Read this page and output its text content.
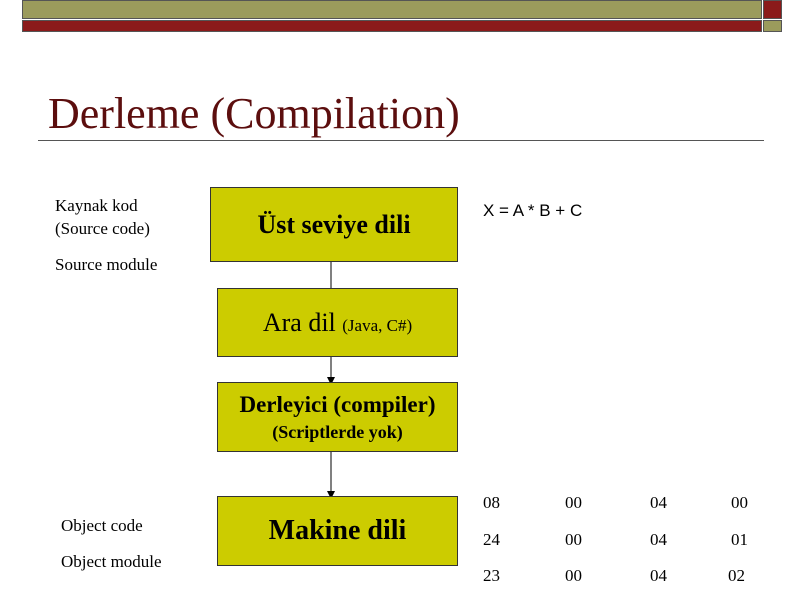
Derleme (Compilation)
Kaynak kod
(Source code)
Source module
Object code
Object module
Üst seviye dili
Ara dil (Java, C#)
Derleyici (compiler)
(Scriptlerde yok)
Makine dili
X = A * B + C
08	00	04	00
24	00	04	01
23	00	04	02
